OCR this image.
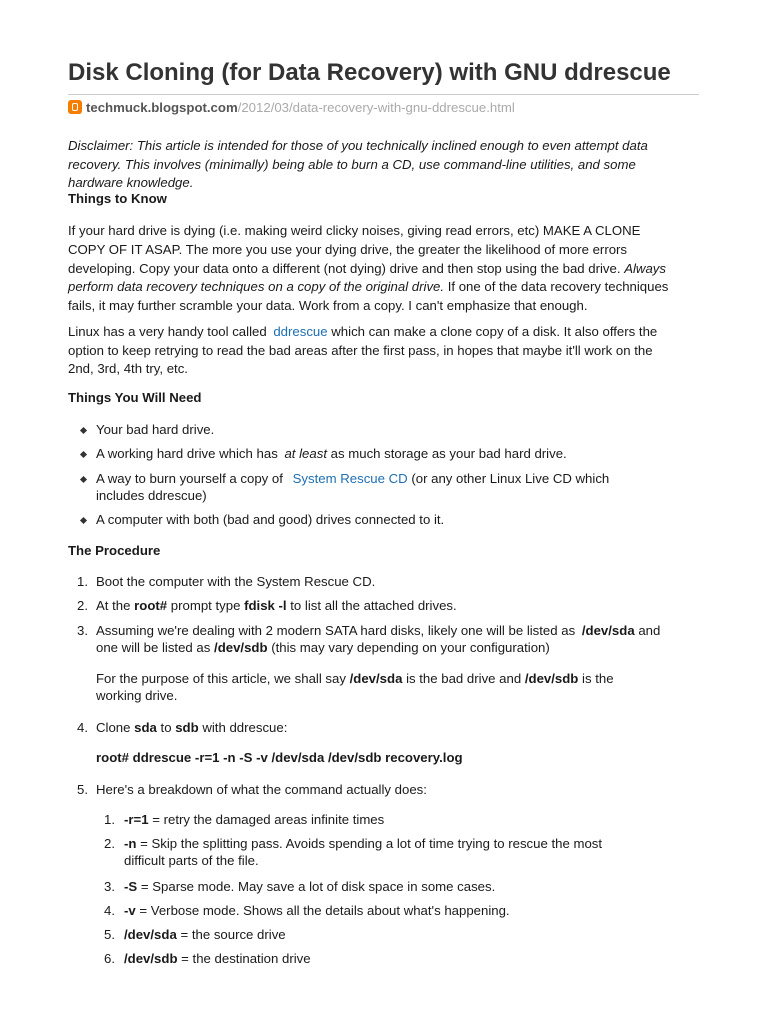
Disk Cloning (for Data Recovery) with GNU ddrescue
techmuck.blogspot.com/2012/03/data-recovery-with-gnu-ddrescue.html
Disclaimer: This article is intended for those of you technically inclined enough to even attempt data
recovery. This involves (minimally) being able to burn a CD, use command-line utilities, and some
hardware knowledge.
Things to Know
If your hard drive is dying (i.e. making weird clicky noises, giving read errors, etc) MAKE A CLONE
COPY OF IT ASAP. The more you use your dying drive, the greater the likelihood of more errors
developing. Copy your data onto a different (not dying) drive and then stop using the bad drive. Always
perform data recovery techniques on a copy of the original drive. If one of the data recovery techniques
fails, it may further scramble your data. Work from a copy. I can't emphasize that enough.
Linux has a very handy tool called ddrescue which can make a clone copy of a disk. It also offers the
option to keep retrying to read the bad areas after the first pass, in hopes that maybe it'll work on the
2nd, 3rd, 4th try, etc.
Things You Will Need
Your bad hard drive.
A working hard drive which has at least as much storage as your bad hard drive.
A way to burn yourself a copy of System Rescue CD (or any other Linux Live CD which
includes ddrescue)
A computer with both (bad and good) drives connected to it.
The Procedure
1. Boot the computer with the System Rescue CD.
2. At the root# prompt type fdisk -l to list all the attached drives.
3. Assuming we're dealing with 2 modern SATA hard disks, likely one will be listed as /dev/sda and
one will be listed as /dev/sdb (this may vary depending on your configuration)
For the purpose of this article, we shall say /dev/sda is the bad drive and /dev/sdb is the
working drive.
4. Clone sda to sdb with ddrescue:
root# ddrescue -r=1 -n -S -v /dev/sda /dev/sdb recovery.log
5. Here's a breakdown of what the command actually does:
1. -r=1 = retry the damaged areas infinite times
2. -n = Skip the splitting pass. Avoids spending a lot of time trying to rescue the most
difficult parts of the file.
3. -S = Sparse mode. May save a lot of disk space in some cases.
4. -v = Verbose mode. Shows all the details about what's happening.
5. /dev/sda = the source drive
6. /dev/sdb = the destination drive
